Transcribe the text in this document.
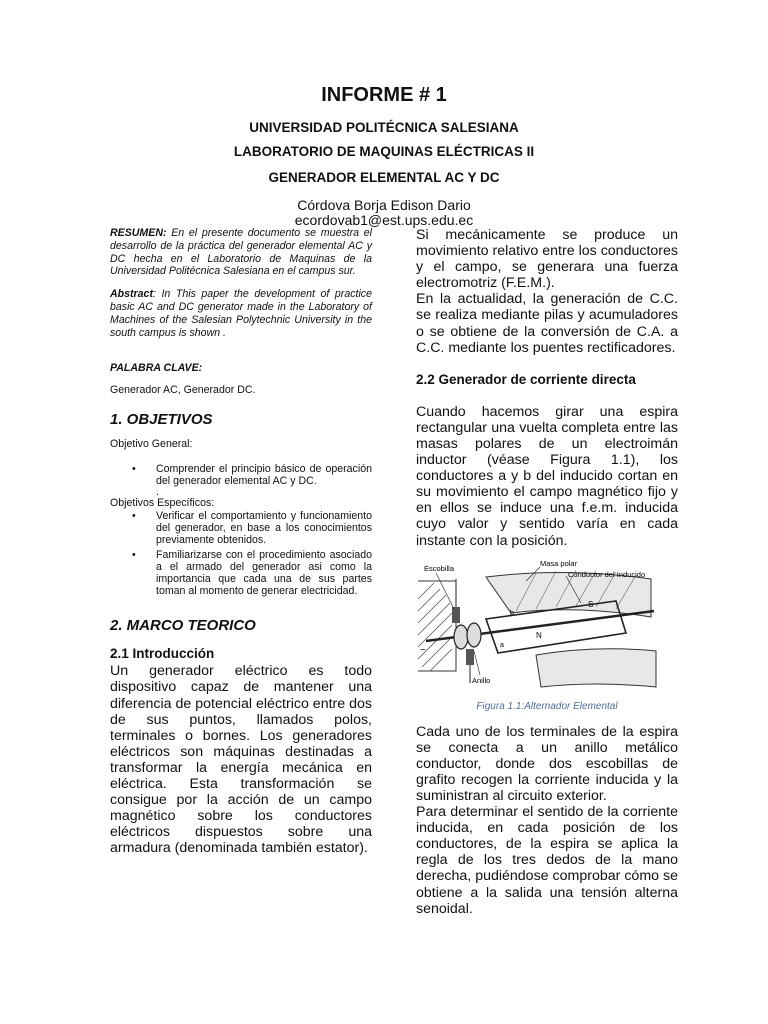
INFORME # 1
UNIVERSIDAD POLITÉCNICA SALESIANA
LABORATORIO DE MAQUINAS ELÉCTRICAS II
GENERADOR ELEMENTAL AC Y DC
Córdova Borja Edison Dario
ecordovab1@est.ups.edu.ec

RESUMEN: En el presente documento se muestra el desarrollo de la práctica del generador elemental AC y DC hecha en el Laboratorio de Maquinas de la Universidad Politécnica Salesiana en el campus sur.

Abstract: In This paper the development of practice basic AC and DC generator made in the Laboratory of Machines of the Salesian Polytechnic University in the south campus is shown .

PALABRA CLAVE:

Generador AC, Generador DC.

1. OBJETIVOS

Objetivo General:

• Comprender el principio básico de operación del generador elemental AC y DC.

.

Objetivos Específicos:

• Verificar el comportamiento y funcionamiento del generador, en base a los conocimientos previamente obtenidos.
• Familiarizarse con el procedimiento asociado a el armado del generador asi como la importancia que cada una de sus partes toman al momento de generar electricidad.

2. MARCO TEORICO

2.1 Introducción

Un generador eléctrico es todo dispositivo capaz de mantener una diferencia de potencial eléctrico entre dos de sus puntos, llamados polos, terminales o bornes. Los generadores eléctricos son máquinas destinadas a transformar la energía mecánica en eléctrica. Esta transformación se consigue por la acción de un campo magnético sobre los conductores eléctricos dispuestos sobre una armadura (denominada también estator).

Si mecánicamente se produce un movimiento relativo entre los conductores y el campo, se generara una fuerza electromotriz (F.E.M.).

En la actualidad, la generación de C.C. se realiza mediante pilas y acumuladores o se obtiene de la conversión de C.A. a C.C. mediante los puentes rectificadores.

2.2 Generador de corriente directa

Cuando hacemos girar una espira rectangular una vuelta completa entre las masas polares de un electroimán inductor (véase Figura 1.1), los conductores a y b del inducido cortan en su movimiento el campo magnético fijo y en ellos se induce una f.e.m. inducida cuyo valor y sentido varía en cada instante con la posición.

Escobilla
Masa polar
Conductor del Inducido
Anillo
N
S
a
b
~

Figura 1.1:Alternador Elemental

Cada uno de los terminales de la espira se conecta a un anillo metálico conductor, donde dos escobillas de grafito recogen la corriente inducida y la suministran al circuito exterior.

Para determinar el sentido de la corriente inducida, en cada posición de los conductores, de la espira se aplica la regla de los tres dedos de la mano derecha, pudiéndose comprobar cómo se obtiene a la salida una tensión alterna senoidal.
